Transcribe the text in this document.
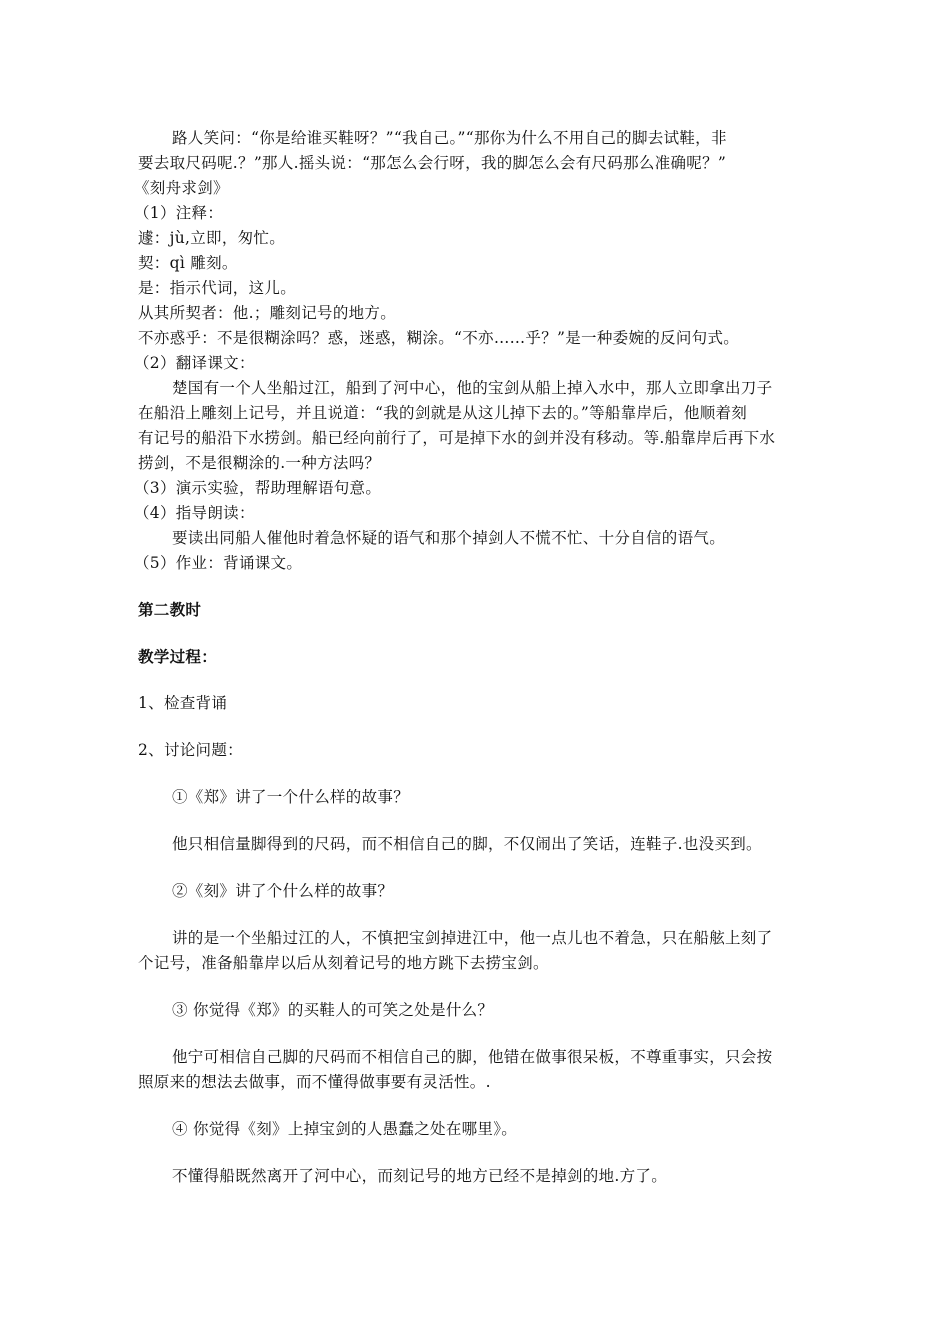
路人笑问：“你是给谁买鞋呀？”“我自己。”“那你为什么不用自己的脚去试鞋，非
要去取尺码呢.？”那人.摇头说：“那怎么会行呀，我的脚怎么会有尺码那么准确呢？”
《刻舟求剑》
（1）注释：
遽：jù,立即，匆忙。
契：qì 雕刻。
是：指示代词，这儿。
从其所契者：他.；雕刻记号的地方。
不亦惑乎：不是很糊涂吗？惑，迷惑，糊涂。“不亦……乎？”是一种委婉的反问句式。
（2）翻译课文：
楚国有一个人坐船过江，船到了河中心，他的宝剑从船上掉入水中，那人立即拿出刀子
在船沿上雕刻上记号，并且说道：“我的剑就是从这儿掉下去的。”等船靠岸后，他顺着刻
有记号的船沿下水捞剑。船已经向前行了，可是掉下水的剑并没有移动。等.船靠岸后再下水
捞剑，不是很糊涂的.一种方法吗？
（3）演示实验，帮助理解语句意。
（4）指导朗读：
要读出同船人催他时着急怀疑的语气和那个掉剑人不慌不忙、十分自信的语气。
（5）作业：背诵课文。
第二教时
教学过程：
1、检查背诵
2、讨论问题：
①《郑》讲了一个什么样的故事？
他只相信量脚得到的尺码，而不相信自己的脚，不仅闹出了笑话，连鞋子.也没买到。
②《刻》讲了个什么样的故事？
讲的是一个坐船过江的人，不慎把宝剑掉进江中，他一点儿也不着急，只在船舷上刻了
个记号，准备船靠岸以后从刻着记号的地方跳下去捞宝剑。
③ 你觉得《郑》的买鞋人的可笑之处是什么？
他宁可相信自己脚的尺码而不相信自己的脚，他错在做事很呆板，不尊重事实，只会按
照原来的想法去做事，而不懂得做事要有灵活性。.
④ 你觉得《刻》上掉宝剑的人愚蠢之处在哪里》。
不懂得船既然离开了河中心，而刻记号的地方已经不是掉剑的地.方了。
